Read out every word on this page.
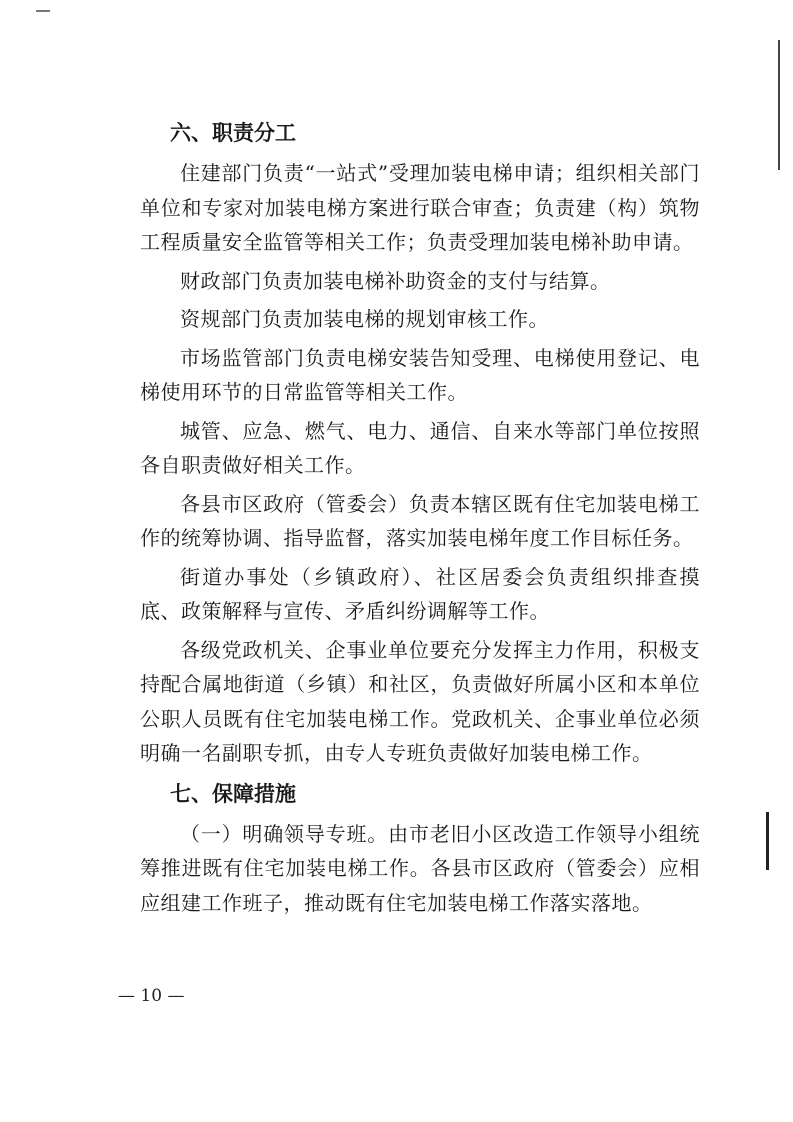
六、职责分工

住建部门负责“一站式”受理加装电梯申请；组织相关部门单位和专家对加装电梯方案进行联合审查；负责建（构）筑物工程质量安全监管等相关工作；负责受理加装电梯补助申请。

财政部门负责加装电梯补助资金的支付与结算。

资规部门负责加装电梯的规划审核工作。

市场监管部门负责电梯安装告知受理、电梯使用登记、电梯使用环节的日常监管等相关工作。

城管、应急、燃气、电力、通信、自来水等部门单位按照各自职责做好相关工作。

各县市区政府（管委会）负责本辖区既有住宅加装电梯工作的统筹协调、指导监督，落实加装电梯年度工作目标任务。

街道办事处（乡镇政府）、社区居委会负责组织排查摸底、政策解释与宣传、矛盾纠纷调解等工作。

各级党政机关、企事业单位要充分发挥主力作用，积极支持配合属地街道（乡镇）和社区，负责做好所属小区和本单位公职人员既有住宅加装电梯工作。党政机关、企事业单位必须明确一名副职专抓，由专人专班负责做好加装电梯工作。

七、保障措施

（一）明确领导专班。由市老旧小区改造工作领导小组统筹推进既有住宅加装电梯工作。各县市区政府（管委会）应相应组建工作班子，推动既有住宅加装电梯工作落实落地。

— 10 —
